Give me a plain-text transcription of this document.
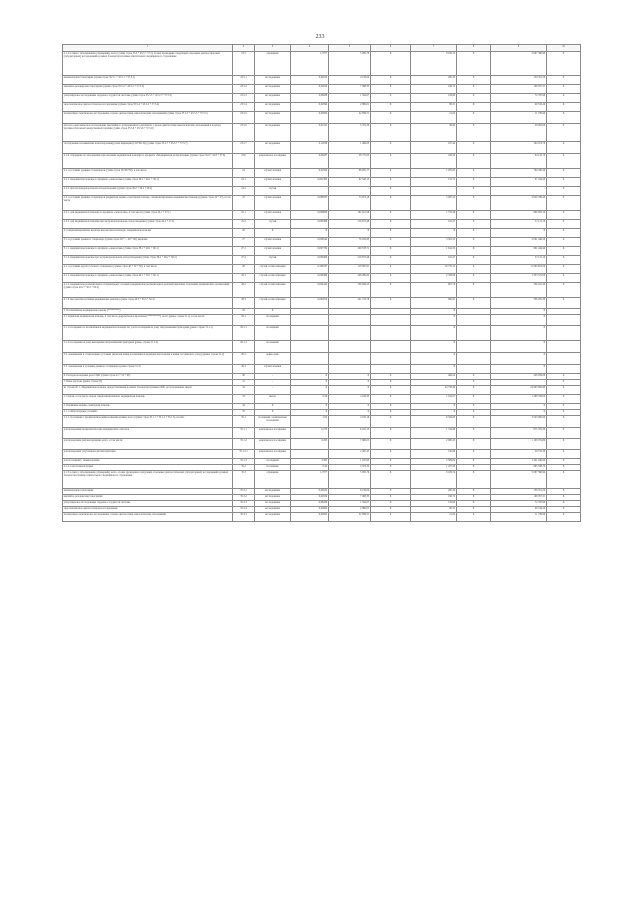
233
1	2	3	4	5	6	7	8	9	10
2.1.5 в связи с заболеванием (обращений), всего (сумма строк 35.5 + 45.5 + 57.5), из них проведение следующих отдельных диагностических (лабораторных) исследований в рамках базовой программы обязательного медицинского страхования	23.5	обращение	1,7877	5 095,79	X	9 109,74	X	5 687 396,90	X
компьютерная томография (сумма строк 35.5.1 + 45.5.1 + 57.5.1)	23.5.1	исследование	0,04632	4 159,04	X	285,34	X	150 351,50	X
магнитно-резонансная томография (сумма строк 35.5.2 + 45.5.2 + 57.5.2)	23.5.2	исследование	0,02634	7 468,33	X	196,72	X	109 057,51	X
ультразвуковое исследование сердечно-сосудистой системы (сумма строк 35.5.3 + 45.5.3 + 57.5.3)	23.5.3	исследование	0,08286	1 564,07	X	129,60	X	72 370,90	X
эндоскопическое диагностическое исследование (сумма строк 35.5.4 + 45.5.4 + 57.5.4)	23.5.4	исследование	0,02994	2 869,01	X	86,31	X	49 519,20	X
молекулярно-генетическое исследование с целью диагностики онкологических заболеваний (сумма строк 35.5.5 + 45.5.5 + 57.5.5)	23.5.5	исследование	0,00092	22 839,51	X	21,02	X	11 739,90	X
патолого-анатомическое исследование биопсийного (операционного) материала с целью диагностики онкологических заболеваний и подбора противоопухолевой лекарственной терапии (сумма строк 35.5.6 + 45.5.6 + 57.5.6)	23.5.6	исследование	0,01321	5 372,30	X	99,64	X	28 093,00	X
тестирование на выявление новой коронавирусной инфекции (COVID-19) (сумма строк 35.5.7 + 45.5.7 + 57.5.7)	23.5.7	исследование	0,12838	1 469,03	X	187,44	X	104 074,70	X
2.1.6. обращение по заболеванию при оказании медицинской помощи по профилю «Медицинская реабилитация» (сумма строк 35.6 + 45.6 + 57.6)	23.6	комплексное посещение	0,00287	38 772,03	X	108,56	X	64 132,70	X
2.2. в условиях дневных стационаров (сумма строк 36+46+58), в том числе	24	случай лечения	0,02590	98 955,77	X	1 975,63	X	760 330,20	X
2.2.1. медицинская помощь по профилю «онкология» (сумма строк 36.1 + 46.1 + 58.1)	24.1	случай лечения	0,001383	92 526,13	X	155,75	X	67 434,20	X
2.2.2. при экстракорпоральном оплодотворении (сумма строк 36.2 + 46.2 + 58.2)	24.2	случай	-	-	X	-	X	-	X
2.3. в условиях дневных стационаров (первичная медико-санитарная помощь, специализированная медицинская помощь) (сумма строк 24 + 27), в том числе	25	случай лечения	0,068583	73 873,16	X	5 087,25	X	2 920 786,40	X
2.3.1. для медицинской помощи по профилю «онкология», в том числе (сумма строк 24.1 + 27.1)	25.1	случай лечения	0,009690	192 821,96	X	1 733,28	X	869 083,10	X
2.3.2. для медицинской помощи при экстракорпоральном оплодотворении (сумма строк 24.2 + 27.2)	25.2	случай	0,000466	219 673,46	X	102,27	X	57 115,10	X
3. Специализированная, включая высокотехнологичную, медицинская помощь	26	X	X	X	X	X	X	X	X
3.1. в условиях дневного стационара (сумма строк 29 + ... 48 + 60), включая	27	случай лечения	0,048544	76 452,63	X	3 301,53	X	2 001 446,20	X
3.1.1. медицинская помощь по профилю «онкология» (сумма строк 38.1 + 48.1 + 60.1)	27.1	случай лечения	0,007784	200 578,71	X	1 614,53	X	801 444,90	X
3.1.2. медицинская помощь при экстракорпоральном оплодотворении (сумма строк 38.2 + 48.2 + 60.2)	27.2	случай	0,000466	219 673,46	X	102,27	X	57 115,10	X
4.1. в условиях круглосуточного стационара (сумма строк 40 + 50 + 62), в том числе	28	случай госпитализации	0,166337	118 805,91	X	19 770,12	X	11 060 903,00	X
4.1.1. медицинская помощь по профилю «онкология» (сумма строк 40.1 + 50.1 + 62.1)	28.1	случай госпитализации	0,009480	246 069,62	X	2 333,00	X	1 333 572,00	X
4.1.2. медицинская реабилитация в стационарных условиях (медицинская реабилитация в реабилитационных отделениях медицинских организаций) (сумма строк 40.2 + 50.2 + 62.2)	28.2	случай госпитализации	0,004443	136 846,25	X	607,76	X	339 431,30	X
4.1.3. высокотехнологичная медицинская помощь (сумма строк 40.3 + 50.3 + 62.3)	28.3	случай госпитализации	0,002850	241 725,76	X	682,81	X	358 470,30	X
5. Паллиативная медицинская помощь (*********)	29	X				X		X	
5.1 первичная медицинская помощь, в том числе доврачебная и врачебная (**********), всего (равно строке 51.1), в том числе:	29.1	посещений				X		X	
5.1.1 посещение по паллиативной медицинской помощи без учета посещений на дому патронажными бригадами (равно строке 51.1.1)	29.1.1	посещений				X		X	
5.1.2 посещения на дому выездными патронажными бригадами (равно строке 51.1.2)	29.1.2	посещений				X		X	
5.2. оказываемая в стационарных условиях (включая койки паллиативной медицинской помощи и койки сестринского ухода) (равно строке 51.2)	29.2	койко-день				X		X	
5.3. оказываемая в условиях дневного стационара (равно строке 51.3)	29.3	случай лечения				X		X	
6. Расходы на ведение дела СМО (сумма строк 41 + 52 + 63)	30	-	X	X	X	406,22	X	226 959,00	X
7. Иные расходы (равно строке 53)	31	-	X	X	X	-	X	-	X
из строки 20: 1. Медицинская помощь, предоставляемая в рамках базовой программы ОМС застрахованным лицам	32	-	X	X	X	44 758,46	X	24 993 894,90	X
1. Скорая, в том числе скорая специализированная, медицинская помощь	33	вызов	0,29	4 108,33	X	1 164,07	X	1 488 536,00	X
2. Первичная медико-санитарная помощь	34	X	X	X	X	X	X	X	X
2.1. в амбулаторных условиях:	35	X	X	X	X	X	X	X	X
2.1.1. посещения с профилактическими и иными целями, всего (сумма строк 35.1.1 + 35.1.2 + 35.1.3), из них:	35.1	посещения / комплексные посещения	2,93	2 165,16	X	6 344,63	X	3 543 082,00	X
для проведения профилактических медицинских осмотров	35.1.1	комплексное посещение	0,272	6 415,13	X	1 744,98	X	975 376,30	X
для проведения диспансеризации, всего, в том числе:	35.1.2	комплексное посещение	0,263	7 606,05	X	2 000,23	X	1 100 074,80	X
для проведения углубленной диспансеризации	35.1.2.1	комплексное посещение		2 405,45	X	150,08	X	59 732,30	X
для посещений с иными целями	35.1.3	посещения	2,395	1 047,93	X	2 509,84	X	1 401 040,90	X
2.1.2. в неотложной форме	35.2	посещение	0,54	2 373,32	X	1 227,50	X	685 538,70	X
2.1.3 в связи с заболеванием (обращений), всего, из них проведение следующих отдельных диагностических (лабораторных) исследований в рамках базовой программы обязательного медицинского страхования	35.3	обращение	1,7877	5 095,79	X	9 109,74	X	5 087 396,90	X
компьютерная томография	35.3.1	исследование	0,04632	6 159,04	X	285,34	X	159 351,50	X
магнитно-резонансная томография	35.3.2	исследование	0,02634	7 468,33	X	196,72	X	109 057,51	X
ультразвуковое исследование сердечно-сосудистой системы	35.3.3	исследование	0,08286	1 564,07	X	129,60	X	72 370,90	X
эндоскопическое диагностическое исследование	35.3.4	исследование	0,02994	2 869,01	X	86,31	X	49 519,20	X
молекулярно-генетическое исследование с целью диагностики онкологических заболеваний	35.3.5	исследование	0,00092	22 839,51	X	21,02	X	11 739,90	X
